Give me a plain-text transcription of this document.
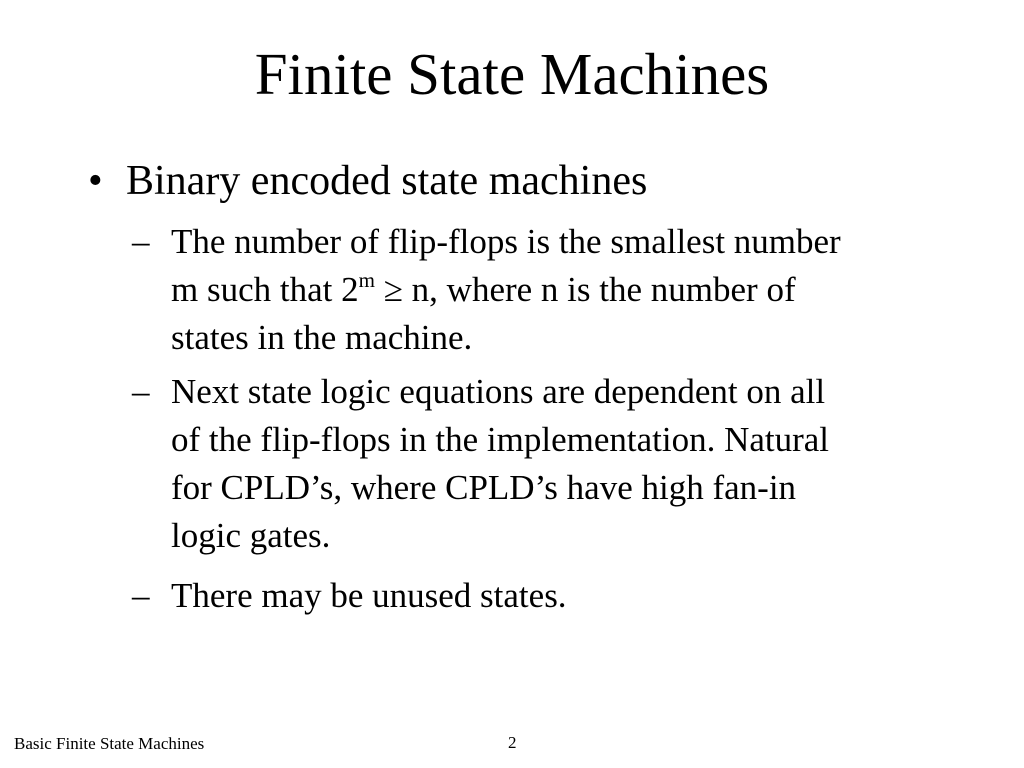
Finite State Machines
• Binary encoded state machines
– The number of flip-flops is the smallest number
m such that $2^m \ge n$, where n is the number of
states in the machine.
– Next state logic equations are dependent on all
of the flip-flops in the implementation. Natural
for CPLD’s, where CPLD’s have high fan-in
logic gates.
– There may be unused states.
Basic Finite State Machines	2
